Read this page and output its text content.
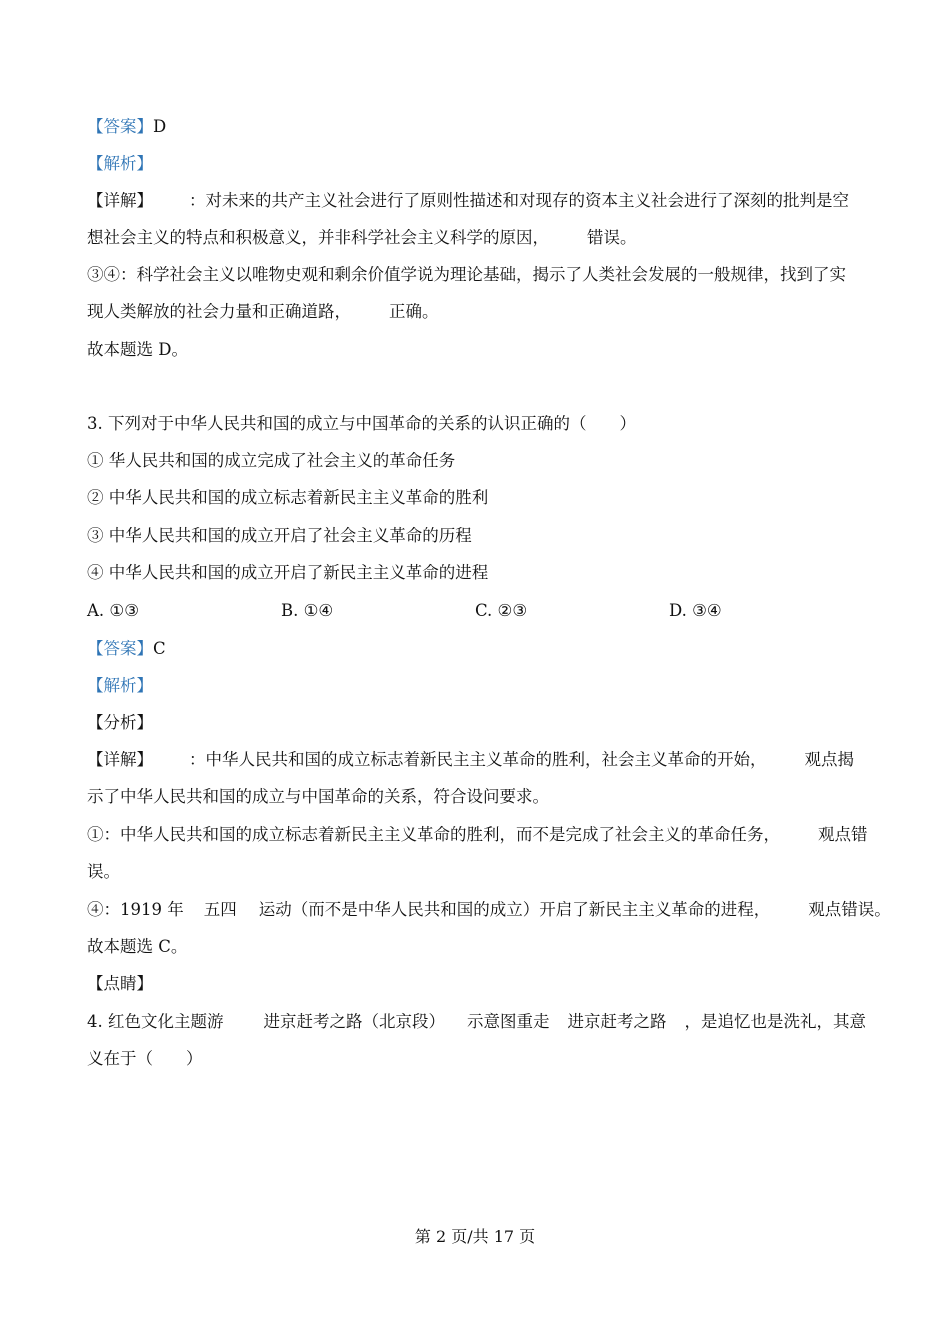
【答案】D
【解析】
【详解】 ：对未来的共产主义社会进行了原则性描述和对现存的资本主义社会进行了深刻的批判是空
想社会主义的特点和积极意义，并非科学社会主义科学的原因， 错误。
③④：科学社会主义以唯物史观和剩余价值学说为理论基础，揭示了人类社会发展的一般规律，找到了实
现人类解放的社会力量和正确道路， 正确。
故本题选 D。
3. 下列对于中华人民共和国的成立与中国革命的关系的认识正确的（　　）
① 华人民共和国的成立完成了社会主义的革命任务
② 中华人民共和国的成立标志着新民主主义革命的胜利
③ 中华人民共和国的成立开启了社会主义革命的历程
④ 中华人民共和国的成立开启了新民主主义革命的进程
A. ①③	B. ①④	C. ②③	D. ③④
【答案】C
【解析】
【分析】
【详解】 ：中华人民共和国的成立标志着新民主主义革命的胜利，社会主义革命的开始， 观点揭
示了中华人民共和国的成立与中国革命的关系，符合设问要求。
①：中华人民共和国的成立标志着新民主主义革命的胜利，而不是完成了社会主义的革命任务， 观点错
误。
④：1919 年 五四 运动（而不是中华人民共和国的成立）开启了新民主主义革命的进程， 观点错误。
故本题选 C。
【点睛】
4. 红色文化主题游 进京赶考之路（北京段） 示意图重走 进京赶考之路 ，是追忆也是洗礼，其意
义在于（　　）
第 2 页/共 17 页
